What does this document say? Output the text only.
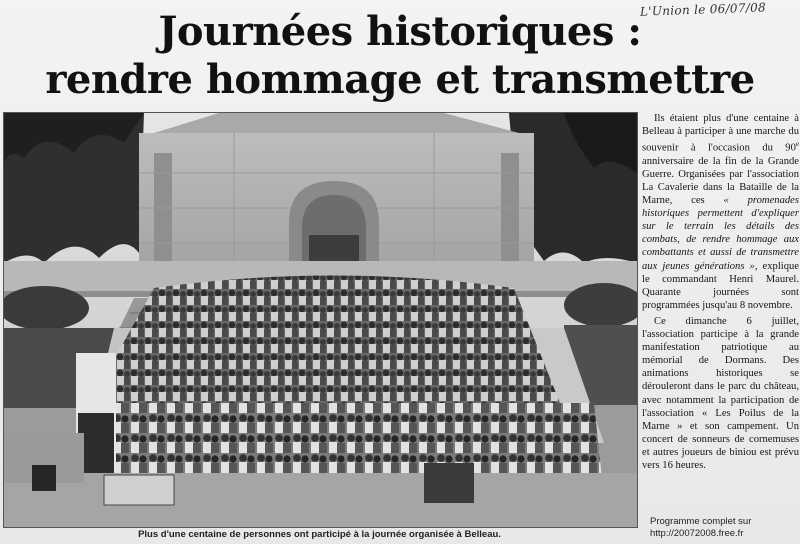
L'Union le 06/07/08
Journées historiques :
rendre hommage et transmettre
Plus d'une centaine de personnes ont participé à la journée organisée à Belleau.

Ils étaient plus d'une centaine à Belleau à participer à une marche du souvenir à l'occasion du 90e anniversaire de la fin de la Grande Guerre. Organisées par l'association La Cavalerie dans la Bataille de la Marne, ces « promenades historiques permettent d'expliquer sur le terrain les détails des combats, de rendre hommage aux combattants et aussi de transmettre aux jeunes générations », explique le commandant Henri Maurel. Quarante journées sont programmées jusqu'au 8 novembre.

Ce dimanche 6 juillet, l'association participe à la grande manifestation patriotique au mémorial de Dormans. Des animations historiques se dérouleront dans le parc du château, avec notamment la participation de l'association « Les Poilus de la Marne » et son campement. Un concert de sonneurs de cornemuses et autres joueurs de biniou est prévu vers 16 heures.

Programme complet sur
http://20072008.free.fr
